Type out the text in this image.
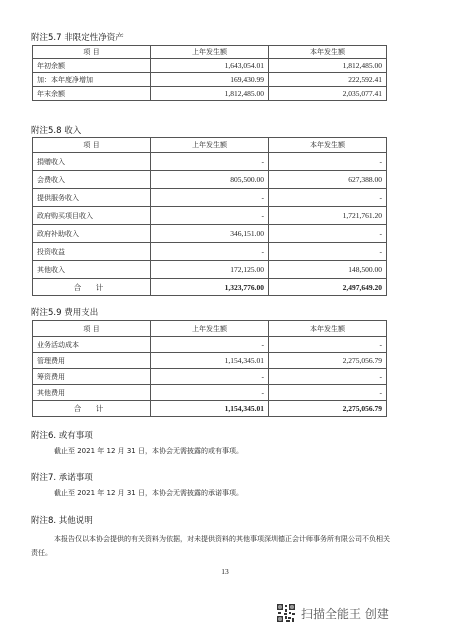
附注5.7 非限定性净资产
项 目	上年发生额	本年发生额
年初余额	1,643,054.01	1,812,485.00
加：本年度净增加	169,430.99	222,592.41
年末余额	1,812,485.00	2,035,077.41
附注5.8 收入
项 目	上年发生额	本年发生额
捐赠收入	-	-
会费收入	805,500.00	627,388.00
提供服务收入	-	-
政府购买项目收入	-	1,721,761.20
政府补助收入	346,151.00	-
投资收益	-	-
其他收入	172,125.00	148,500.00
合 计	1,323,776.00	2,497,649.20
附注5.9 费用支出
项 目	上年发生额	本年发生额
业务活动成本	-	-
管理费用	1,154,345.01	2,275,056.79
筹资费用	-	-
其他费用	-	-
合 计	1,154,345.01	2,275,056.79
附注6. 或有事项
截止至 2021 年 12 月 31 日，本协会无需披露的或有事项。
附注7. 承诺事项
截止至 2021 年 12 月 31 日，本协会无需披露的承诺事项。
附注8. 其他说明
本报告仅以本协会提供的有关资料为依据，对未提供资料的其他事项深圳德正会计师事务所有限公司不负相关责任。
13
扫描全能王 创建
